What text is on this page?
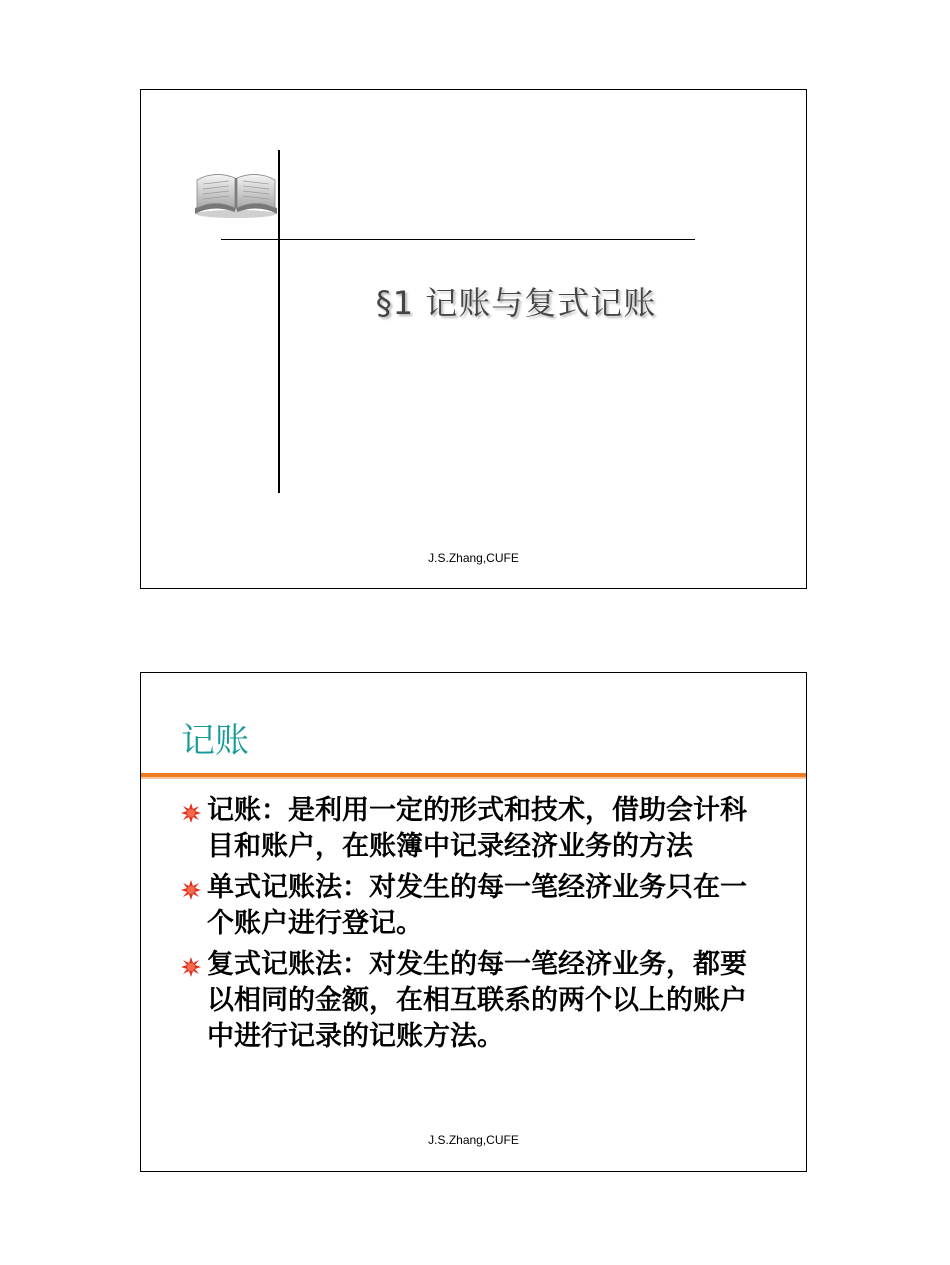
§1 记账与复式记账
J.S.Zhang,CUFE
记账
记账：是利用一定的形式和技术，借助会计科目和账户，在账簿中记录经济业务的方法
单式记账法：对发生的每一笔经济业务只在一个账户进行登记。
复式记账法：对发生的每一笔经济业务，都要以相同的金额，在相互联系的两个以上的账户中进行记录的记账方法。
J.S.Zhang,CUFE
